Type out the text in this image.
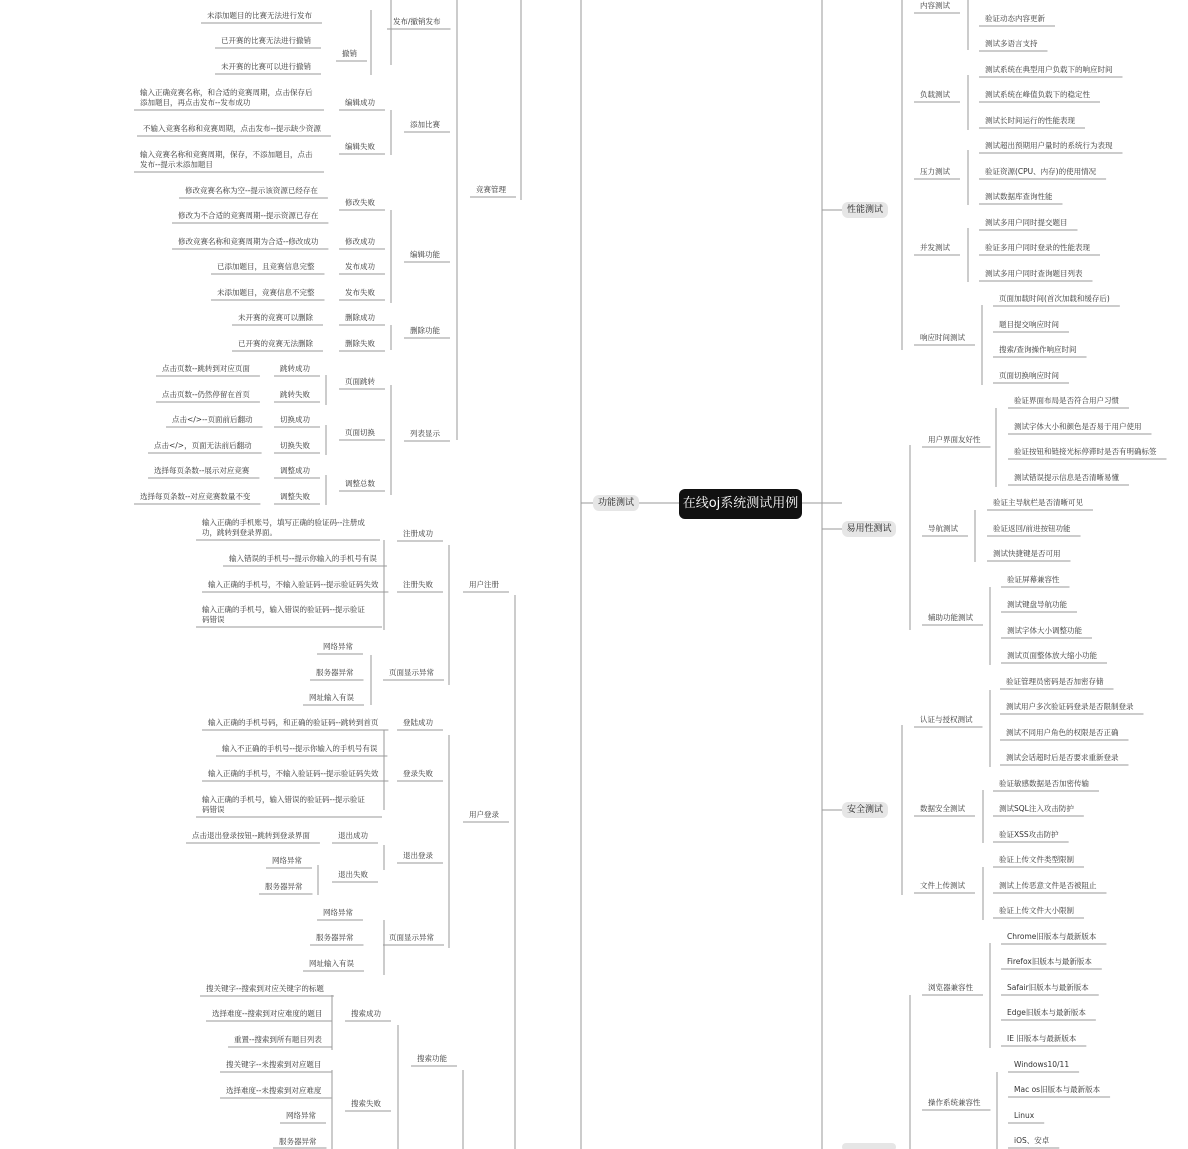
在线oj系统测试用例
功能测试
性能测试
易用性测试
安全测试
竞赛管理
发布/撤销发布
未添加题目的比赛无法进行发布
撤销
已开赛的比赛无法进行撤销
未开赛的比赛可以进行撤销
添加比赛
编辑成功
输入正确竞赛名称，和合适的竞赛周期，点击保存后添加题目，再点击发布--发布成功
编辑失败
不输入竞赛名称和竞赛周期，点击发布--提示缺少资源
输入竞赛名称和竞赛周期，保存，不添加题目，点击发布--提示未添加题目
编辑功能
修改失败
修改竞赛名称为空--提示该资源已经存在
修改为不合适的竞赛周期--提示资源已存在
修改成功
修改竞赛名称和竞赛周期为合适--修改成功
发布成功
已添加题目，且竞赛信息完整
发布失败
未添加题目，竞赛信息不完整
删除功能
删除成功
未开赛的竞赛可以删除
删除失败
已开赛的竞赛无法删除
列表显示
页面跳转
跳转成功
点击页数--跳转到对应页面
跳转失败
点击页数--仍然停留在首页
页面切换
切换成功
点击</>--页面前后翻动
切换失败
点击</>，页面无法前后翻动
调整总数
调整成功
选择每页条数--展示对应竞赛
调整失败
选择每页条数--对应竞赛数量不变
用户注册
注册成功
输入正确的手机账号，填写正确的验证码--注册成功，跳转到登录界面。
注册失败
输入错误的手机号--提示你输入的手机号有误
输入正确的手机号，不输入验证码--提示验证码失效
输入正确的手机号，输入错误的验证码--提示验证码错误
页面显示异常
网络异常
服务器异常
网址输入有误
用户登录
登陆成功
输入正确的手机号码，和正确的验证码--跳转到首页
登录失败
输入不正确的手机号--提示你输入的手机号有误
输入正确的手机号，不输入验证码--提示验证码失效
输入正确的手机号，输入错误的验证码--提示验证码错误
退出登录
退出成功
点击退出登录按钮--跳转到登录界面
退出失败
网络异常
服务器异常
页面显示异常
网络异常
服务器异常
网址输入有误
搜索功能
搜索成功
搜关键字--搜索到对应关键字的标题
选择难度--搜索到对应难度的题目
重置--搜索到所有题目列表
搜索失败
搜关键字--未搜索到对应题目
选择难度--未搜索到对应难度
网络异常
服务器异常
内容测试
验证动态内容更新
测试多语言支持
负载测试
测试系统在典型用户负载下的响应时间
测试系统在峰值负载下的稳定性
测试长时间运行的性能表现
压力测试
测试超出预期用户量时的系统行为表现
验证资源(CPU、内存)的使用情况
测试数据库查询性能
并发测试
测试多用户同时提交题目
验证多用户同时登录的性能表现
测试多用户同时查询题目列表
响应时间测试
页面加载时间(首次加载和缓存后)
题目提交响应时间
搜索/查询操作响应时间
页面切换响应时间
用户界面友好性
验证界面布局是否符合用户习惯
测试字体大小和颜色是否易于用户使用
验证按钮和链接光标停滞时是否有明确标签
测试错误提示信息是否清晰易懂
导航测试
验证主导航栏是否清晰可见
验证返回/前进按钮功能
测试快捷键是否可用
辅助功能测试
验证屏幕兼容性
测试键盘导航功能
测试字体大小调整功能
测试页面整体放大缩小功能
认证与授权测试
验证管理员密码是否加密存储
测试用户多次验证码登录是否限制登录
测试不同用户角色的权限是否正确
测试会话超时后是否要求重新登录
数据安全测试
验证敏感数据是否加密传输
测试SQL注入攻击防护
验证XSS攻击防护
文件上传测试
验证上传文件类型限制
测试上传恶意文件是否被阻止
验证上传文件大小限制
浏览器兼容性
Chrome旧版本与最新版本
Firefox旧版本与最新版本
Safair旧版本与最新版本
Edge旧版本与最新版本
IE 旧版本与最新版本
操作系统兼容性
Windows10/11
Mac os旧版本与最新版本
Linux
iOS、安卓
